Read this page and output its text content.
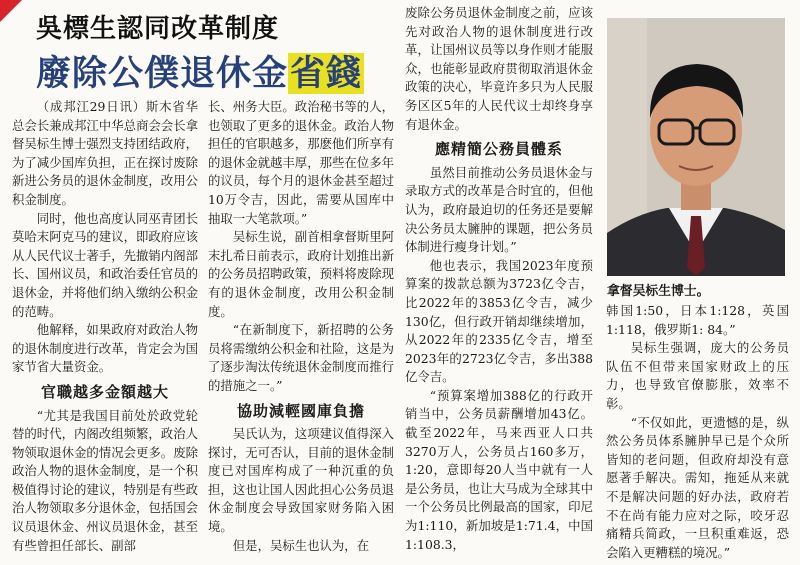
吳標生認同改革制度
廢除公僕退休金省錢

（成邦江29日讯）斯木省华总会长兼成邦江中华总商会会长拿督吴标生博士强烈支持团结政府，为了减少国库负担，正在探讨废除新进公务员的退休金制度，改用公积金制度。

同时，他也高度认同巫青团长莫哈末阿克马的建议，即政府应该从人民代议士著手，先撤销内阁部长、国州议员，和政治委任官员的退休金，并将他们纳入缴纳公积金的范畴。

他解释，如果政府对政治人物的退休制度进行改革，肯定会为国家节省大量资金。

官職越多金額越大

“尤其是我国目前处於政党轮替的时代，内阁改组频繁，政治人物领取退休金的情况会更多。废除政治人物的退休金制度，是一个积极值得讨论的建议，特别是有些政治人物领取多分退休金，包括国会议员退休金、州议员退休金，甚至有些曾担任部长、副部

长、州务大臣。政治秘书等的人，也领取了更多的退休金。政治人物担任的官职越多，那麽他们所享有的退休金就越丰厚，那些在位多年的议员，每个月的退休金甚至超过10万令吉，因此，需要从国库中抽取一大笔款项。”

吴标生说，副首相拿督斯里阿末扎希日前表示，政府计划推出新的公务员招聘政策，预料将废除现有的退休金制度，改用公积金制度。

“在新制度下，新招聘的公务员将需缴纳公积金和社险，这是为了逐步淘汰传统退休金制度而推行的措施之一。”

協助減輕國庫負擔

吴氏认为，这项建议值得深入探讨，无可否认，目前的退休金制度已对国库构成了一种沉重的负担，这也让国人因此担心公务员退休金制度会导致国家财务陷入困境。

但是，吴标生也认为，在

废除公务员退休金制度之前，应该先对政治人物的退休制度进行改革，让国州议员等以身作则才能服众，也能彰显政府贯彻取消退休金政策的决心，毕竟许多只为人民服务区区5年的人民代议士却终身享有退休金。

應精簡公務員體系

虽然目前推动公务员退休金与录取方式的改革是合时宜的，但他认为，政府最迫切的任务还是要解决公务员太臃肿的课题，把公务员体制进行瘦身计划。”

他也表示，我国2023年度预算案的拨款总额为3723亿令吉，比2022年的3853亿令吉，减少130亿，但行政开销却继续增加，从2022年的2335亿令吉，增至2023年的2723亿令吉，多出388亿令吉。

“预算案增加388亿的行政开销当中，公务员薪酬增加43亿。截至2022年，马来西亚人口共3270万人，公务员占160多万，1:20，意即每20人当中就有一人是公务员，也让大马成为全球其中一个公务员比例最高的国家，印尼为1:110，新加坡是1:71.4，中国1:108.3，

拿督吴标生博士。

韩国1:50，日本1:128，英国1:118，俄罗斯1: 84。”

吴标生强调，庞大的公务员队伍不但带来国家财政上的压力，也导致官僚膨胀，效率不彰。

“不仅如此，更遗憾的是，纵然公务员体系臃肿早已是个众所皆知的老问题，但政府却没有意愿著手解决。需知，拖延从来就不是解决问题的好办法，政府若不在尚有能力应对之际，咬牙忍痛精兵简政，一旦积重难返，恐会陷入更糟糕的境况。”
